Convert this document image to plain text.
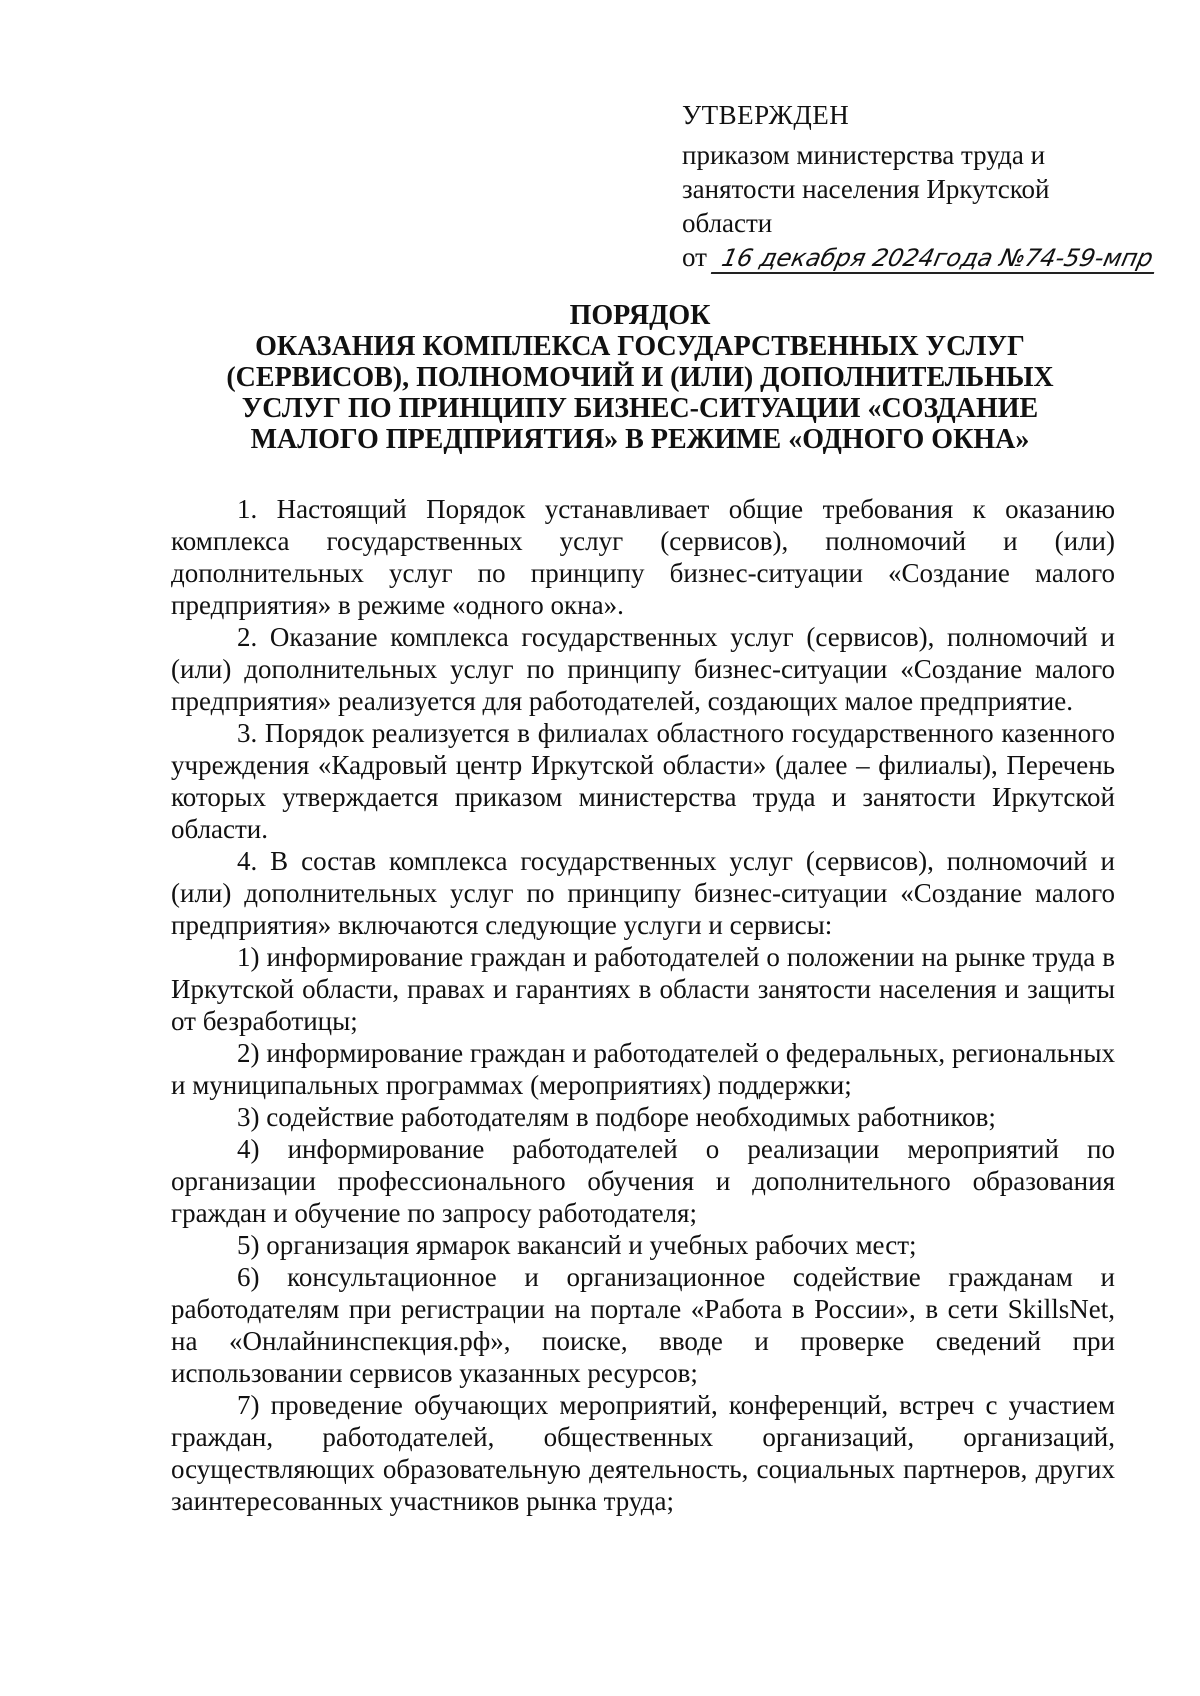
УТВЕРЖДЕН
приказом министерства труда и
занятости населения Иркутской
области
от 16 декабря 2024года №74-59-мпр
ПОРЯДОК
ОКАЗАНИЯ КОМПЛЕКСА ГОСУДАРСТВЕННЫХ УСЛУГ
(СЕРВИСОВ), ПОЛНОМОЧИЙ И (ИЛИ) ДОПОЛНИТЕЛЬНЫХ
УСЛУГ ПО ПРИНЦИПУ БИЗНЕС-СИТУАЦИИ «СОЗДАНИЕ
МАЛОГО ПРЕДПРИЯТИЯ» В РЕЖИМЕ «ОДНОГО ОКНА»
1. Настоящий Порядок устанавливает общие требования к оказанию комплекса государственных услуг (сервисов), полномочий и (или) дополнительных услуг по принципу бизнес-ситуации «Создание малого предприятия» в режиме «одного окна».
2. Оказание комплекса государственных услуг (сервисов), полномочий и (или) дополнительных услуг по принципу бизнес-ситуации «Создание малого предприятия» реализуется для работодателей, создающих малое предприятие.
3. Порядок реализуется в филиалах областного государственного казенного учреждения «Кадровый центр Иркутской области» (далее – филиалы), Перечень которых утверждается приказом министерства труда и занятости Иркутской области.
4. В состав комплекса государственных услуг (сервисов), полномочий и (или) дополнительных услуг по принципу бизнес-ситуации «Создание малого предприятия» включаются следующие услуги и сервисы:
1) информирование граждан и работодателей о положении на рынке труда в Иркутской области, правах и гарантиях в области занятости населения и защиты от безработицы;
2) информирование граждан и работодателей о федеральных, региональных и муниципальных программах (мероприятиях) поддержки;
3) содействие работодателям в подборе необходимых работников;
4) информирование работодателей о реализации мероприятий по организации профессионального обучения и дополнительного образования граждан и обучение по запросу работодателя;
5) организация ярмарок вакансий и учебных рабочих мест;
6) консультационное и организационное содействие гражданам и работодателям при регистрации на портале «Работа в России», в сети SkillsNet, на «Онлайнинспекция.рф», поиске, вводе и проверке сведений при использовании сервисов указанных ресурсов;
7) проведение обучающих мероприятий, конференций, встреч с участием граждан, работодателей, общественных организаций, организаций, осуществляющих образовательную деятельность, социальных партнеров, других заинтересованных участников рынка труда;
